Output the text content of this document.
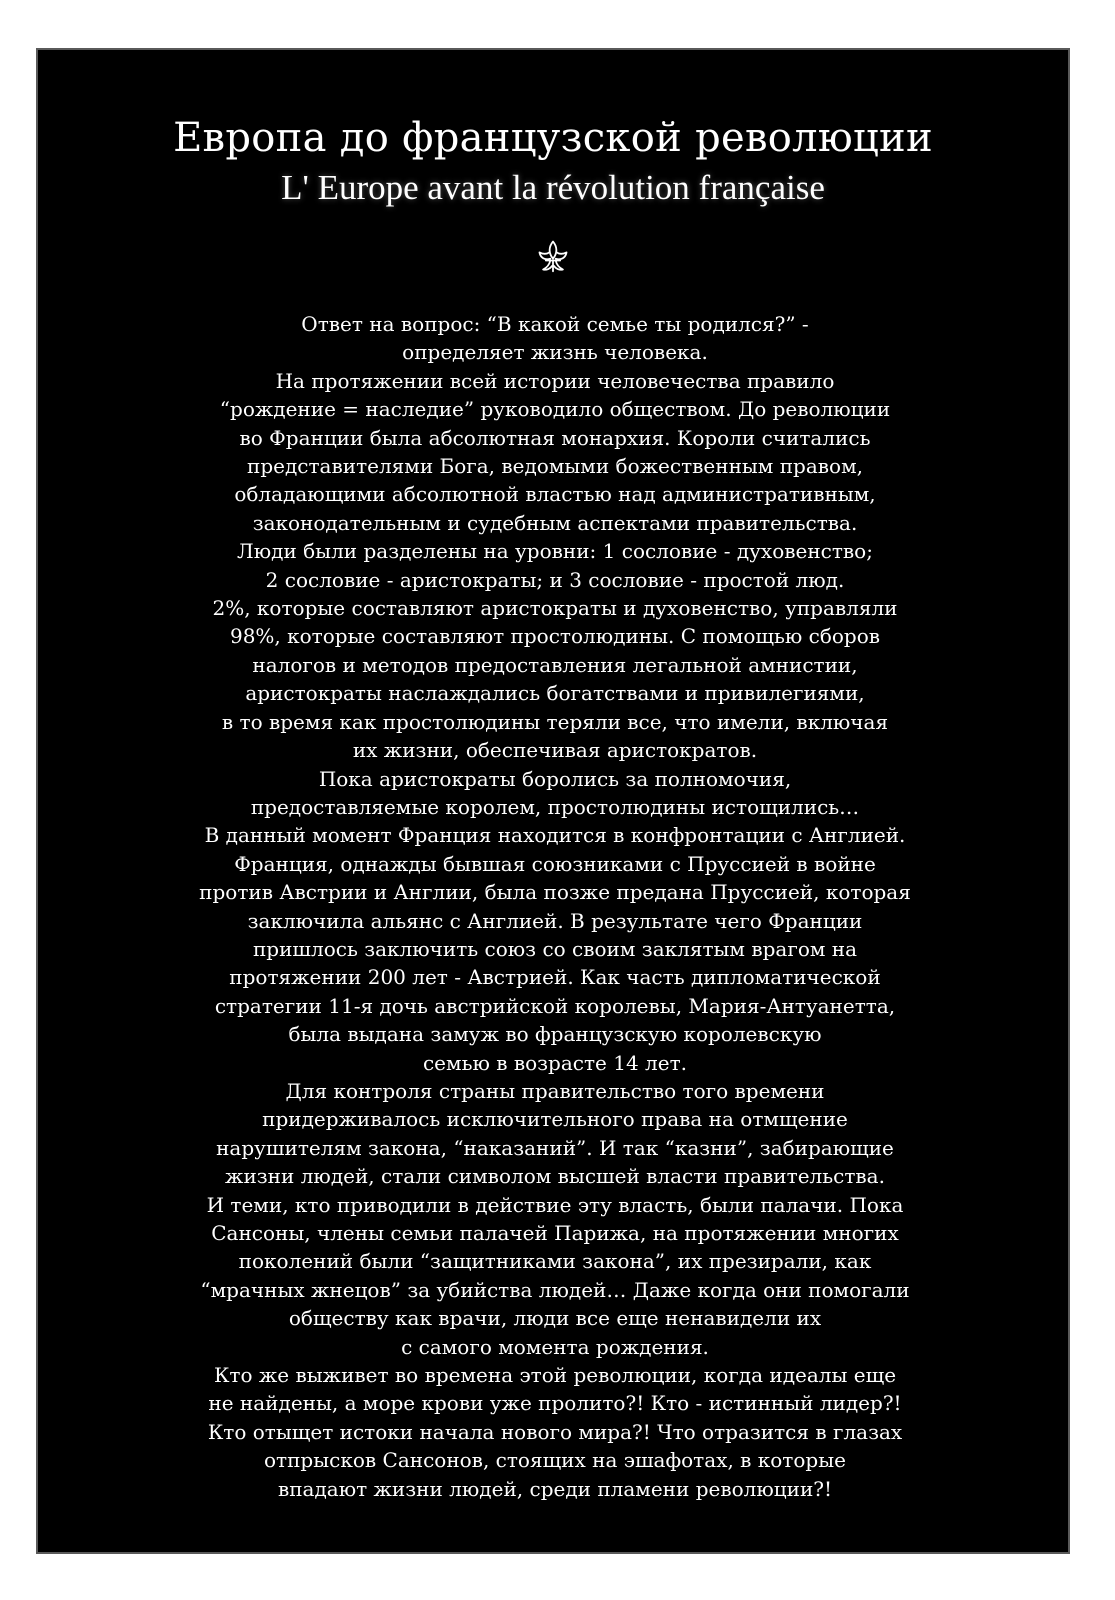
Европа до французской революции
L' Europe avant la révolution française
Ответ на вопрос: “В какой семье ты родился?” -
определяет жизнь человека.
На протяжении всей истории человечества правило
“рождение = наследие” руководило обществом. До революции
во Франции была абсолютная монархия. Короли считались
представителями Бога, ведомыми божественным правом,
обладающими абсолютной властью над административным,
законодательным и судебным аспектами правительства.
Люди были разделены на уровни: 1 сословие - духовенство;
2 сословие - аристократы; и 3 сословие - простой люд.
2%, которые составляют аристократы и духовенство, управляли
98%, которые составляют простолюдины. С помощью сборов
налогов и методов предоставления легальной амнистии,
аристократы наслаждались богатствами и привилегиями,
в то время как простолюдины теряли все, что имели, включая
их жизни, обеспечивая аристократов.
Пока аристократы боролись за полномочия,
предоставляемые королем, простолюдины истощились…
В данный момент Франция находится в конфронтации с Англией.
Франция, однажды бывшая союзниками с Пруссией в войне
против Австрии и Англии, была позже предана Пруссией, которая
заключила альянс с Англией. В результате чего Франции
пришлось заключить союз со своим заклятым врагом на
протяжении 200 лет - Австрией. Как часть дипломатической
стратегии 11-я дочь австрийской королевы, Мария-Антуанетта,
была выдана замуж во французскую королевскую
семью в возрасте 14 лет.
Для контроля страны правительство того времени
придерживалось исключительного права на отмщение
нарушителям закона, “наказаний”. И так “казни”, забирающие
жизни людей, стали символом высшей власти правительства.
И теми, кто приводили в действие эту власть, были палачи. Пока
Сансоны, члены семьи палачей Парижа, на протяжении многих
поколений были “защитниками закона”, их презирали, как
“мрачных жнецов” за убийства людей… Даже когда они помогали
обществу как врачи, люди все еще ненавидели их
с самого момента рождения.
Кто же выживет во времена этой революции, когда идеалы еще
не найдены, а море крови уже пролито?! Кто - истинный лидер?!
Кто отыщет истоки начала нового мира?! Что отразится в глазах
отпрысков Сансонов, стоящих на эшафотах, в которые
впадают жизни людей, среди пламени революции?!
